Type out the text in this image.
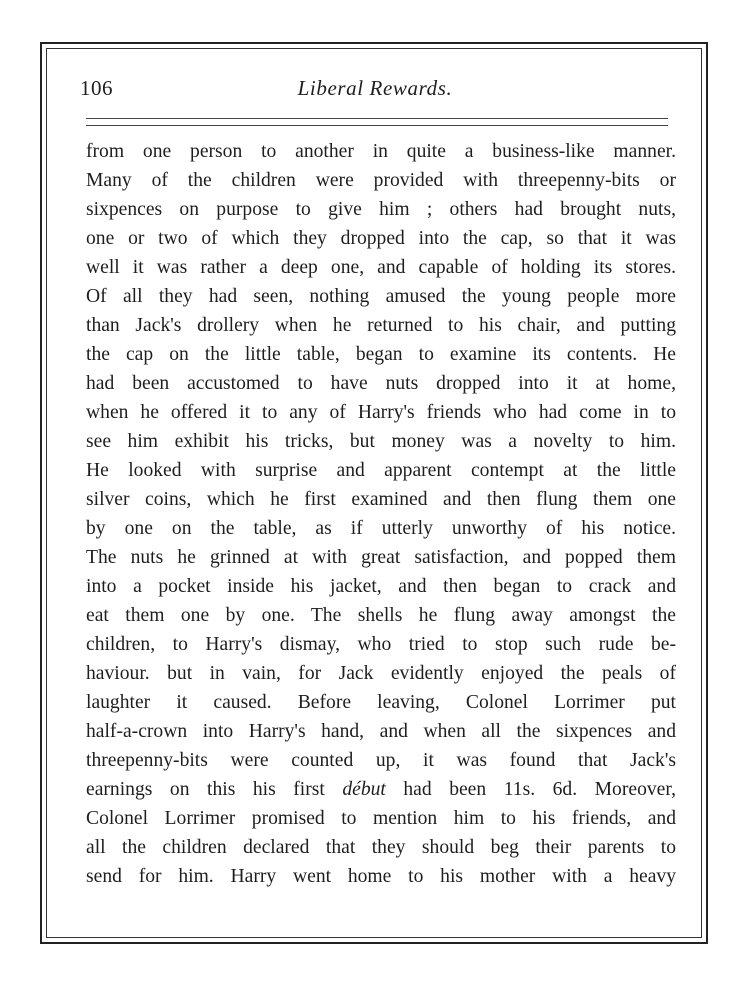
106	Liberal Rewards.
from one person to another in quite a business-like manner.
Many of the children were provided with threepenny-bits or
sixpences on purpose to give him ; others had brought nuts,
one or two of which they dropped into the cap, so that it was
well it was rather a deep one, and capable of holding its stores.
Of all they had seen, nothing amused the young people more
than Jack's drollery when he returned to his chair, and putting
the cap on the little table, began to examine its contents. He
had been accustomed to have nuts dropped into it at home,
when he offered it to any of Harry's friends who had come in to
see him exhibit his tricks, but money was a novelty to him.
He looked with surprise and apparent contempt at the little
silver coins, which he first examined and then flung them one
by one on the table, as if utterly unworthy of his notice.
The nuts he grinned at with great satisfaction, and popped them
into a pocket inside his jacket, and then began to crack and
eat them one by one. The shells he flung away amongst the
children, to Harry's dismay, who tried to stop such rude be-
haviour. but in vain, for Jack evidently enjoyed the peals of
laughter it caused. Before leaving, Colonel Lorrimer put
half-a-crown into Harry's hand, and when all the sixpences and
threepenny-bits were counted up, it was found that Jack's
earnings on this his first début had been 11s. 6d. Moreover,
Colonel Lorrimer promised to mention him to his friends, and
all the children declared that they should beg their parents to
send for him. Harry went home to his mother with a heavy
